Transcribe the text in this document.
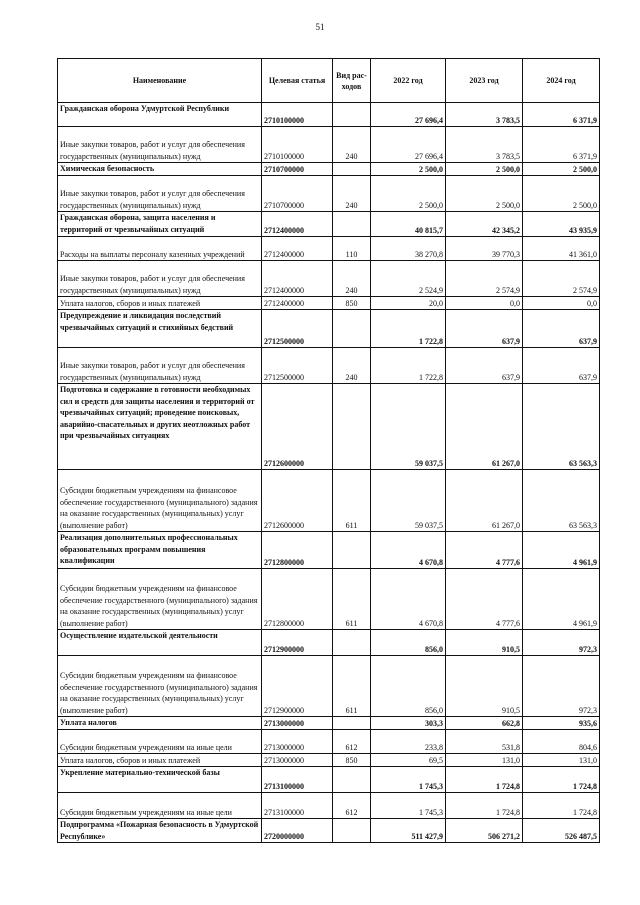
51
Наименование	Целевая статья	Вид рас-ходов	2022 год	2023 год	2024 год
Гражданская оборона Удмуртской Республики	2710100000		27 696,4	3 783,5	6 371,9
Иные закупки товаров, работ и услуг для обеспечения государственных (муниципальных) нужд	2710100000	240	27 696,4	3 783,5	6 371,9
Химическая безопасность	2710700000		2 500,0	2 500,0	2 500,0
Иные закупки товаров, работ и услуг для обеспечения государственных (муниципальных) нужд	2710700000	240	2 500,0	2 500,0	2 500,0
Гражданская оборона, защита населения и территорий от чрезвычайных ситуаций	2712400000		40 815,7	42 345,2	43 935,9
Расходы на выплаты персоналу казенных учреждений	2712400000	110	38 270,8	39 770,3	41 361,0
Иные закупки товаров, работ и услуг для обеспечения государственных (муниципальных) нужд	2712400000	240	2 524,9	2 574,9	2 574,9
Уплата налогов, сборов и иных платежей	2712400000	850	20,0	0,0	0,0
Предупреждение и ликвидация последствий чрезвычайных ситуаций и стихийных бедствий	2712500000		1 722,8	637,9	637,9
Иные закупки товаров, работ и услуг для обеспечения государственных (муниципальных) нужд	2712500000	240	1 722,8	637,9	637,9
Подготовка и содержание в готовности необходимых сил и средств для защиты населения и территорий от чрезвычайных ситуаций; проведение поисковых, аварийно-спасательных и других неотложных работ при чрезвычайных ситуациях	2712600000		59 037,5	61 267,0	63 563,3
Субсидии бюджетным учреждениям на финансовое обеспечение государственного (муниципального) задания на оказание государственных (муниципальных) услуг (выполнение работ)	2712600000	611	59 037,5	61 267,0	63 563,3
Реализация дополнительных профессиональных образовательных программ повышения квалификации	2712800000		4 670,8	4 777,6	4 961,9
Субсидии бюджетным учреждениям на финансовое обеспечение государственного (муниципального) задания на оказание государственных (муниципальных) услуг (выполнение работ)	2712800000	611	4 670,8	4 777,6	4 961,9
Осуществление издательской деятельности	2712900000		856,0	910,5	972,3
Субсидии бюджетным учреждениям на финансовое обеспечение государственного (муниципального) задания на оказание государственных (муниципальных) услуг (выполнение работ)	2712900000	611	856,0	910,5	972,3
Уплата налогов	2713000000		303,3	662,8	935,6
Субсидии бюджетным учреждениям на иные цели	2713000000	612	233,8	531,8	804,6
Уплата налогов, сборов и иных платежей	2713000000	850	69,5	131,0	131,0
Укрепление материально-технической базы	2713100000		1 745,3	1 724,8	1 724,8
Субсидии бюджетным учреждениям на иные цели	2713100000	612	1 745,3	1 724,8	1 724,8
Подпрограмма «Пожарная безопасность в Удмуртской Республике»	2720000000		511 427,9	506 271,2	526 487,5
